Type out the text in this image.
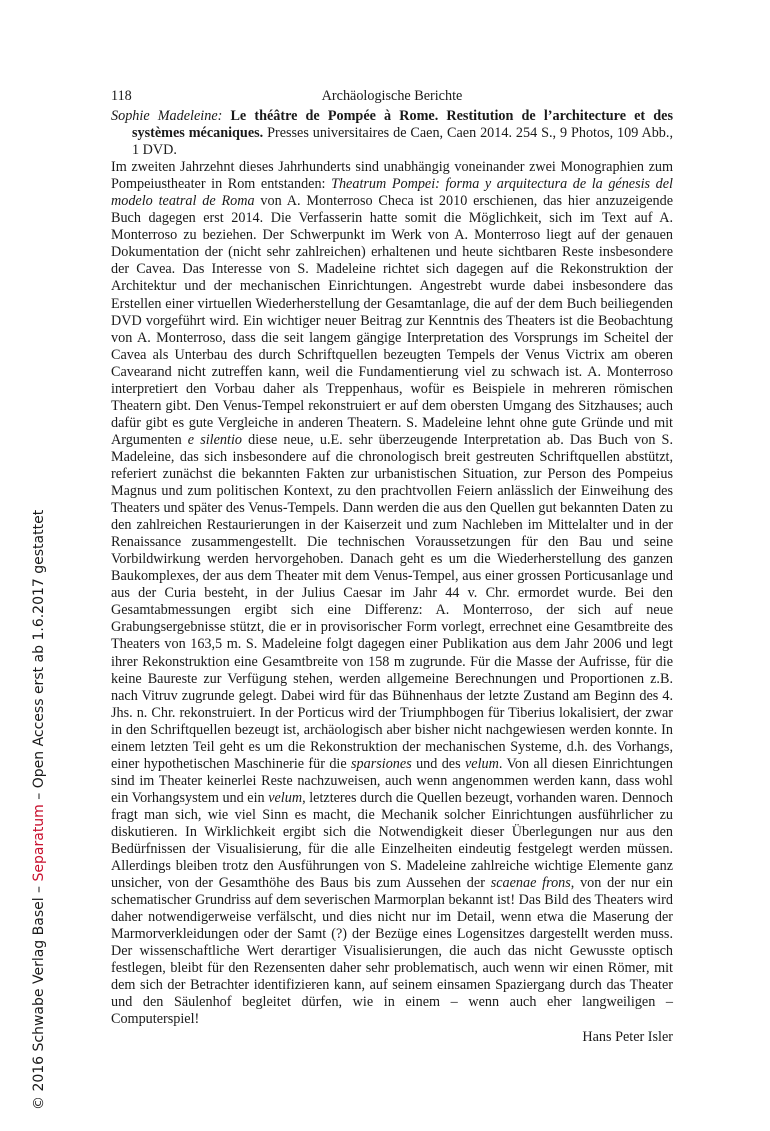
118	Archäologische Berichte

Sophie Madeleine: Le théâtre de Pompée à Rome. Restitution de l’architecture et des systèmes mécaniques. Presses universitaires de Caen, Caen 2014. 254 S., 9 Photos, 109 Abb., 1 DVD.

Im zweiten Jahrzehnt dieses Jahrhunderts sind unabhängig voneinander zwei Monographien zum Pompeiustheater in Rom entstanden: Theatrum Pompei: forma y arquitectura de la génesis del modelo teatral de Roma von A. Monterroso Checa ist 2010 erschienen, das hier anzuzeigende Buch dagegen erst 2014. Die Verfasserin hatte somit die Möglichkeit, sich im Text auf A. Monterroso zu beziehen. Der Schwerpunkt im Werk von A. Monterroso liegt auf der genauen Dokumentation der (nicht sehr zahlreichen) erhaltenen und heute sichtbaren Reste insbesondere der Cavea. Das Interesse von S. Madeleine richtet sich dagegen auf die Rekonstruktion der Architektur und der mechanischen Einrichtungen. Angestrebt wurde dabei insbesondere das Erstellen einer virtuellen Wiederherstellung der Gesamtanlage, die auf der dem Buch beiliegenden DVD vorgeführt wird. Ein wichtiger neuer Beitrag zur Kenntnis des Theaters ist die Beobachtung von A. Monterroso, dass die seit langem gängige Interpretation des Vorsprungs im Scheitel der Cavea als Unterbau des durch Schriftquellen bezeugten Tempels der Venus Victrix am oberen Cavearand nicht zutreffen kann, weil die Fundamentierung viel zu schwach ist. A. Monterroso interpretiert den Vorbau daher als Treppenhaus, wofür es Beispiele in mehreren römischen Theatern gibt. Den Venus-Tempel rekonstruiert er auf dem obersten Umgang des Sitzhauses; auch dafür gibt es gute Vergleiche in anderen Theatern. S. Madeleine lehnt ohne gute Gründe und mit Argumenten e silentio diese neue, u.E. sehr überzeugende Interpretation ab. Das Buch von S. Madeleine, das sich insbesondere auf die chronologisch breit gestreuten Schriftquellen abstützt, referiert zunächst die bekannten Fakten zur urbanistischen Situation, zur Person des Pompeius Magnus und zum politischen Kontext, zu den prachtvollen Feiern anlässlich der Einweihung des Theaters und später des Venus-Tempels. Dann werden die aus den Quellen gut bekannten Daten zu den zahlreichen Restaurierungen in der Kaiserzeit und zum Nachleben im Mittelalter und in der Renaissance zusammengestellt. Die technischen Voraussetzungen für den Bau und seine Vorbildwirkung werden hervorgehoben. Danach geht es um die Wiederherstellung des ganzen Baukomplexes, der aus dem Theater mit dem Venus-Tempel, aus einer grossen Porticusanlage und aus der Curia besteht, in der Julius Caesar im Jahr 44 v. Chr. ermordet wurde. Bei den Gesamtabmessungen ergibt sich eine Differenz: A. Monterroso, der sich auf neue Grabungsergebnisse stützt, die er in provisorischer Form vorlegt, errechnet eine Gesamtbreite des Theaters von 163,5 m. S. Madeleine folgt dagegen einer Publikation aus dem Jahr 2006 und legt ihrer Rekonstruktion eine Gesamtbreite von 158 m zugrunde. Für die Masse der Aufrisse, für die keine Baureste zur Verfügung stehen, werden allgemeine Berechnungen und Proportionen z.B. nach Vitruv zugrunde gelegt. Dabei wird für das Bühnenhaus der letzte Zustand am Beginn des 4. Jhs. n. Chr. rekonstruiert. In der Porticus wird der Triumphbogen für Tiberius lokalisiert, der zwar in den Schriftquellen bezeugt ist, archäologisch aber bisher nicht nachgewiesen werden konnte. In einem letzten Teil geht es um die Rekonstruktion der mechanischen Systeme, d.h. des Vorhangs, einer hypothetischen Maschinerie für die sparsiones und des velum. Von all diesen Einrichtungen sind im Theater keinerlei Reste nachzuweisen, auch wenn angenommen werden kann, dass wohl ein Vorhangsystem und ein velum, letzteres durch die Quellen bezeugt, vorhanden waren. Dennoch fragt man sich, wie viel Sinn es macht, die Mechanik solcher Einrichtungen ausführlicher zu diskutieren. In Wirklichkeit ergibt sich die Notwendigkeit dieser Überlegungen nur aus den Bedürfnissen der Visualisierung, für die alle Einzelheiten eindeutig festgelegt werden müssen. Allerdings bleiben trotz den Ausführungen von S. Madeleine zahlreiche wichtige Elemente ganz unsicher, von der Gesamthöhe des Baus bis zum Aussehen der scaenae frons, von der nur ein schematischer Grundriss auf dem severischen Marmorplan bekannt ist! Das Bild des Theaters wird daher notwendigerweise verfälscht, und dies nicht nur im Detail, wenn etwa die Maserung der Marmorverkleidungen oder der Samt (?) der Bezüge eines Logensitzes dargestellt werden muss. Der wissenschaftliche Wert derartiger Visualisierungen, die auch das nicht Gewusste optisch festlegen, bleibt für den Rezensenten daher sehr problematisch, auch wenn wir einen Römer, mit dem sich der Betrachter identifizieren kann, auf seinem einsamen Spaziergang durch das Theater und den Säulenhof begleitet dürfen, wie in einem – wenn auch eher langweiligen – Computerspiel!

Hans Peter Isler

© 2016 Schwabe Verlag Basel – Separatum – Open Access erst ab 1.6.2017 gestattet
